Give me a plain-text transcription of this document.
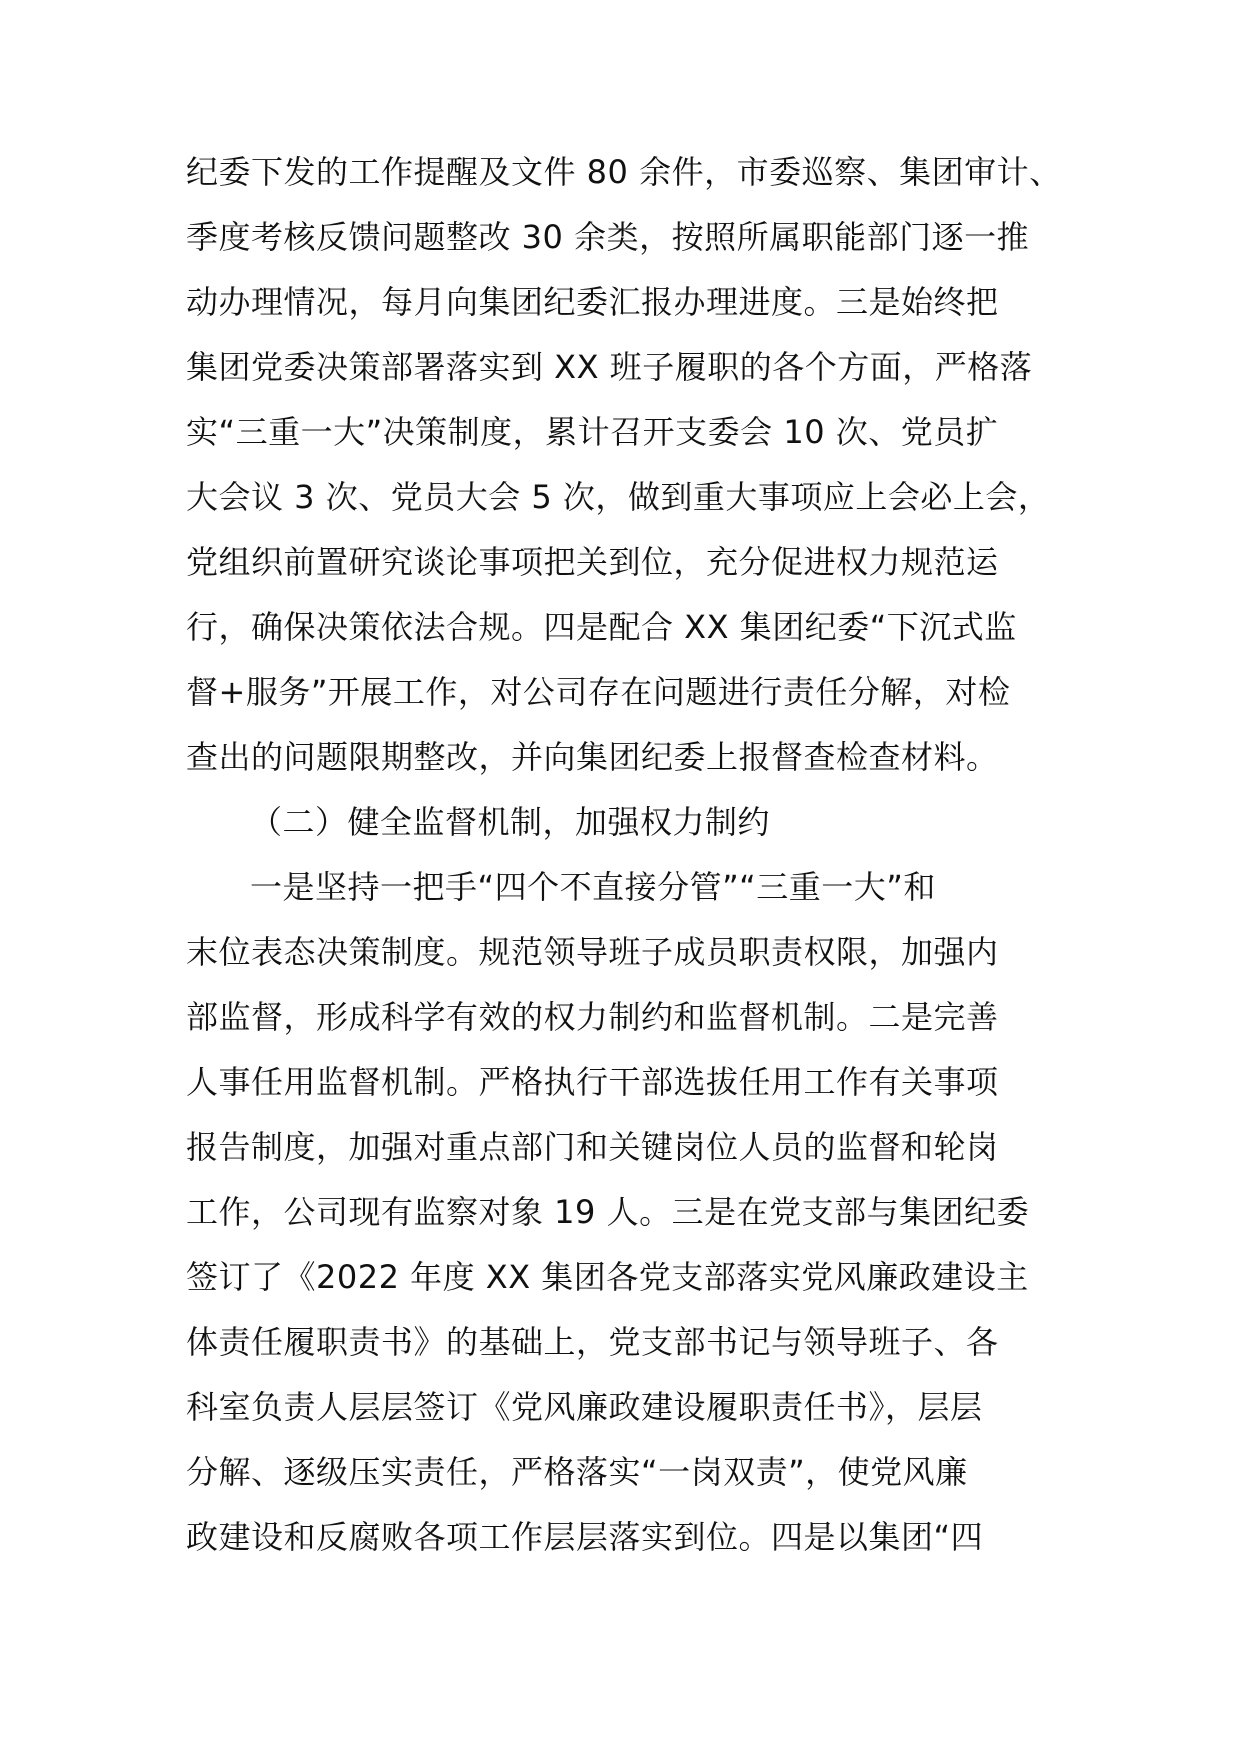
纪委下发的工作提醒及文件 80 余件，市委巡察、集团审计、
季度考核反馈问题整改 30 余类，按照所属职能部门逐一推
动办理情况，每月向集团纪委汇报办理进度。三是始终把
集团党委决策部署落实到 XX 班子履职的各个方面，严格落
实“三重一大”决策制度，累计召开支委会 10 次、党员扩
大会议 3 次、党员大会 5 次，做到重大事项应上会必上会，
党组织前置研究谈论事项把关到位，充分促进权力规范运
行，确保决策依法合规。四是配合 XX 集团纪委“下沉式监
督+服务”开展工作，对公司存在问题进行责任分解，对检
查出的问题限期整改，并向集团纪委上报督查检查材料。
（二）健全监督机制，加强权力制约
一是坚持一把手“四个不直接分管”“三重一大”和
末位表态决策制度。规范领导班子成员职责权限，加强内
部监督，形成科学有效的权力制约和监督机制。二是完善
人事任用监督机制。严格执行干部选拔任用工作有关事项
报告制度，加强对重点部门和关键岗位人员的监督和轮岗
工作，公司现有监察对象 19 人。三是在党支部与集团纪委
签订了《2022 年度 XX 集团各党支部落实党风廉政建设主
体责任履职责书》的基础上，党支部书记与领导班子、各
科室负责人层层签订《党风廉政建设履职责任书》，层层
分解、逐级压实责任，严格落实“一岗双责”，使党风廉
政建设和反腐败各项工作层层落实到位。四是以集团“四
